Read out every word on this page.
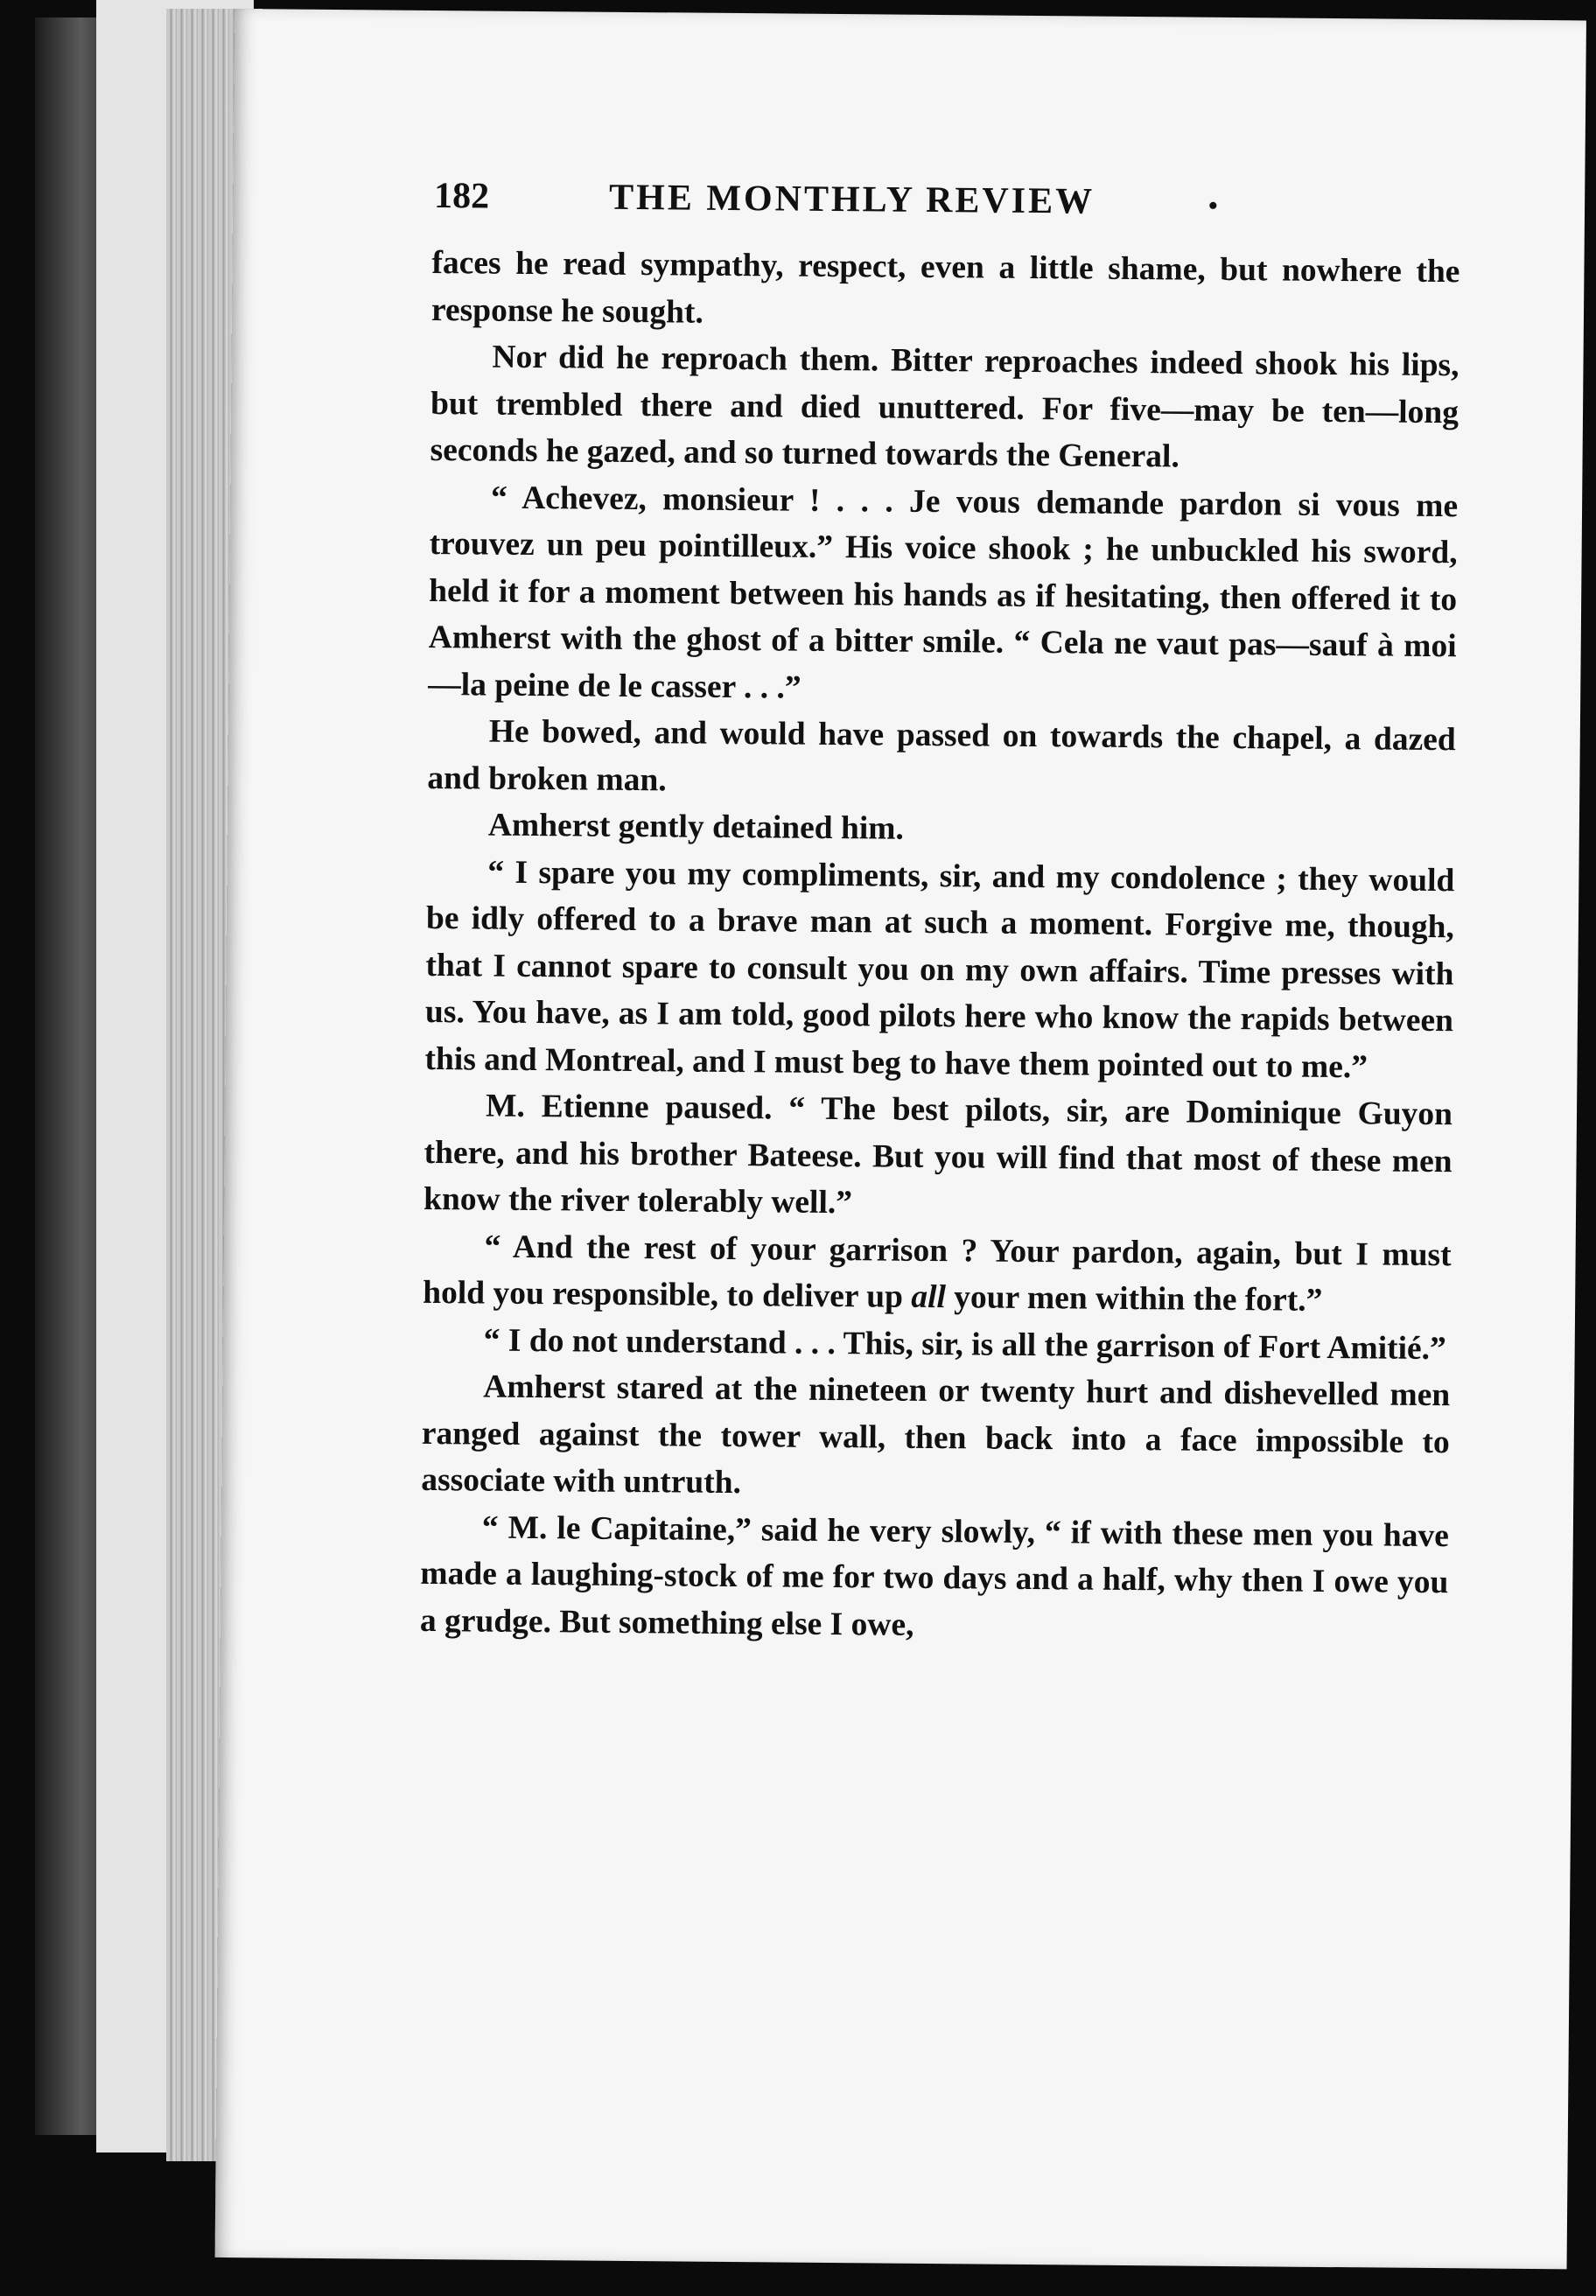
182	THE MONTHLY REVIEW	•

faces he read sympathy, respect, even a little shame, but nowhere the response he sought.

Nor did he reproach them. Bitter reproaches indeed shook his lips, but trembled there and died unuttered. For five—may be ten—long seconds he gazed, and so turned towards the General.

“ Achevez, monsieur ! . . . Je vous demande pardon si vous me trouvez un peu pointilleux.” His voice shook ; he unbuckled his sword, held it for a moment between his hands as if hesitating, then offered it to Amherst with the ghost of a bitter smile. “ Cela ne vaut pas—sauf à moi—la peine de le casser . . .”

He bowed, and would have passed on towards the chapel, a dazed and broken man.

Amherst gently detained him.

“ I spare you my compliments, sir, and my condolence ; they would be idly offered to a brave man at such a moment. Forgive me, though, that I cannot spare to consult you on my own affairs. Time presses with us. You have, as I am told, good pilots here who know the rapids between this and Montreal, and I must beg to have them pointed out to me.”

M. Etienne paused. “ The best pilots, sir, are Dominique Guyon there, and his brother Bateese. But you will find that most of these men know the river tolerably well.”

“ And the rest of your garrison ? Your pardon, again, but I must hold you responsible, to deliver up all your men within the fort.”

“ I do not understand . . . This, sir, is all the garrison of Fort Amitié.”

Amherst stared at the nineteen or twenty hurt and dishevelled men ranged against the tower wall, then back into a face impossible to associate with untruth.

“ M. le Capitaine,” said he very slowly, “ if with these men you have made a laughing-stock of me for two days and a half, why then I owe you a grudge. But something else I owe,
